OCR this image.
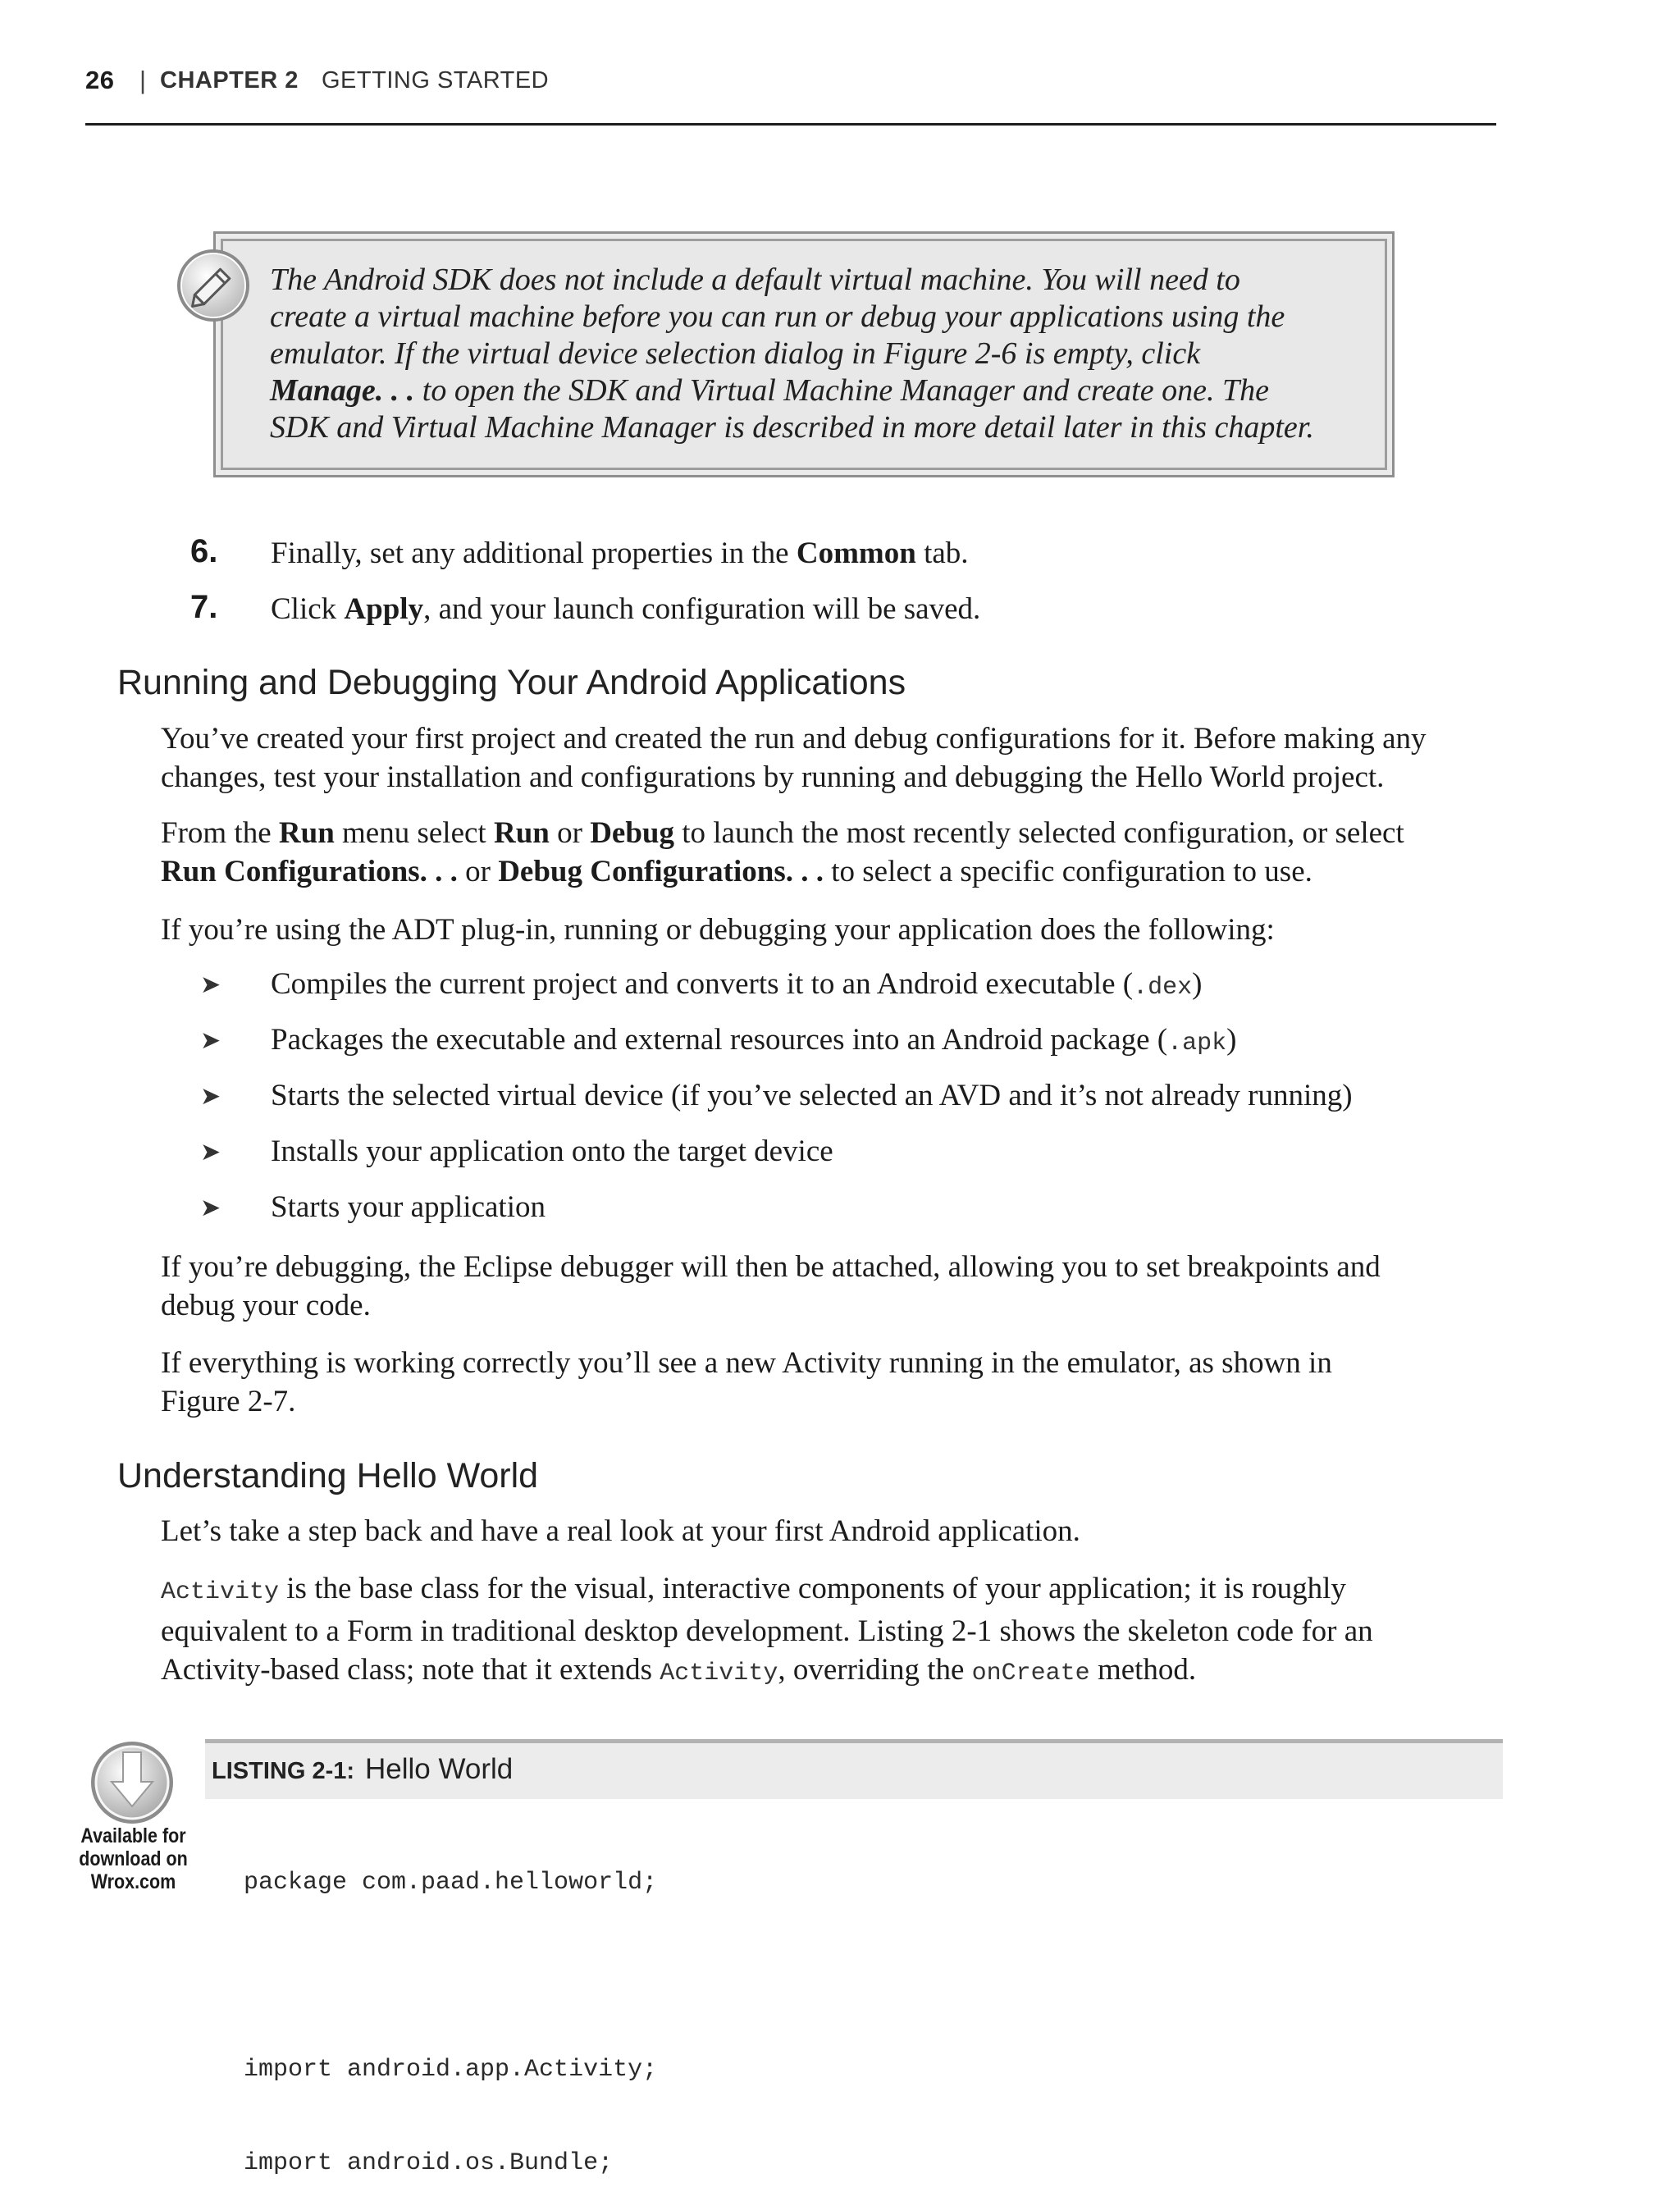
26 | CHAPTER 2 GETTING STARTED
The Android SDK does not include a default virtual machine. You will need to
create a virtual machine before you can run or debug your applications using the
emulator. If the virtual device selection dialog in Figure 2-6 is empty, click
Manage. . . to open the SDK and Virtual Machine Manager and create one. The
SDK and Virtual Machine Manager is described in more detail later in this chapter.
6. Finally, set any additional properties in the Common tab.
7. Click Apply, and your launch configuration will be saved.
Running and Debugging Your Android Applications
You’ve created your first project and created the run and debug configurations for it. Before making any
changes, test your installation and configurations by running and debugging the Hello World project.
From the Run menu select Run or Debug to launch the most recently selected configuration, or select
Run Configurations. . . or Debug Configurations. . . to select a specific configuration to use.
If you’re using the ADT plug-in, running or debugging your application does the following:
➤ Compiles the current project and converts it to an Android executable (.dex)
➤ Packages the executable and external resources into an Android package (.apk)
➤ Starts the selected virtual device (if you’ve selected an AVD and it’s not already running)
➤ Installs your application onto the target device
➤ Starts your application
If you’re debugging, the Eclipse debugger will then be attached, allowing you to set breakpoints and
debug your code.
If everything is working correctly you’ll see a new Activity running in the emulator, as shown in
Figure 2-7.
Understanding Hello World
Let’s take a step back and have a real look at your first Android application.
Activity is the base class for the visual, interactive components of your application; it is roughly
equivalent to a Form in traditional desktop development. Listing 2-1 shows the skeleton code for an
Activity-based class; note that it extends Activity, overriding the onCreate method.
LISTING 2-1: Hello World
Available for
download on
Wrox.com

	package com.paad.helloworld;

import android.app.Activity;

import android.os.Bundle;
